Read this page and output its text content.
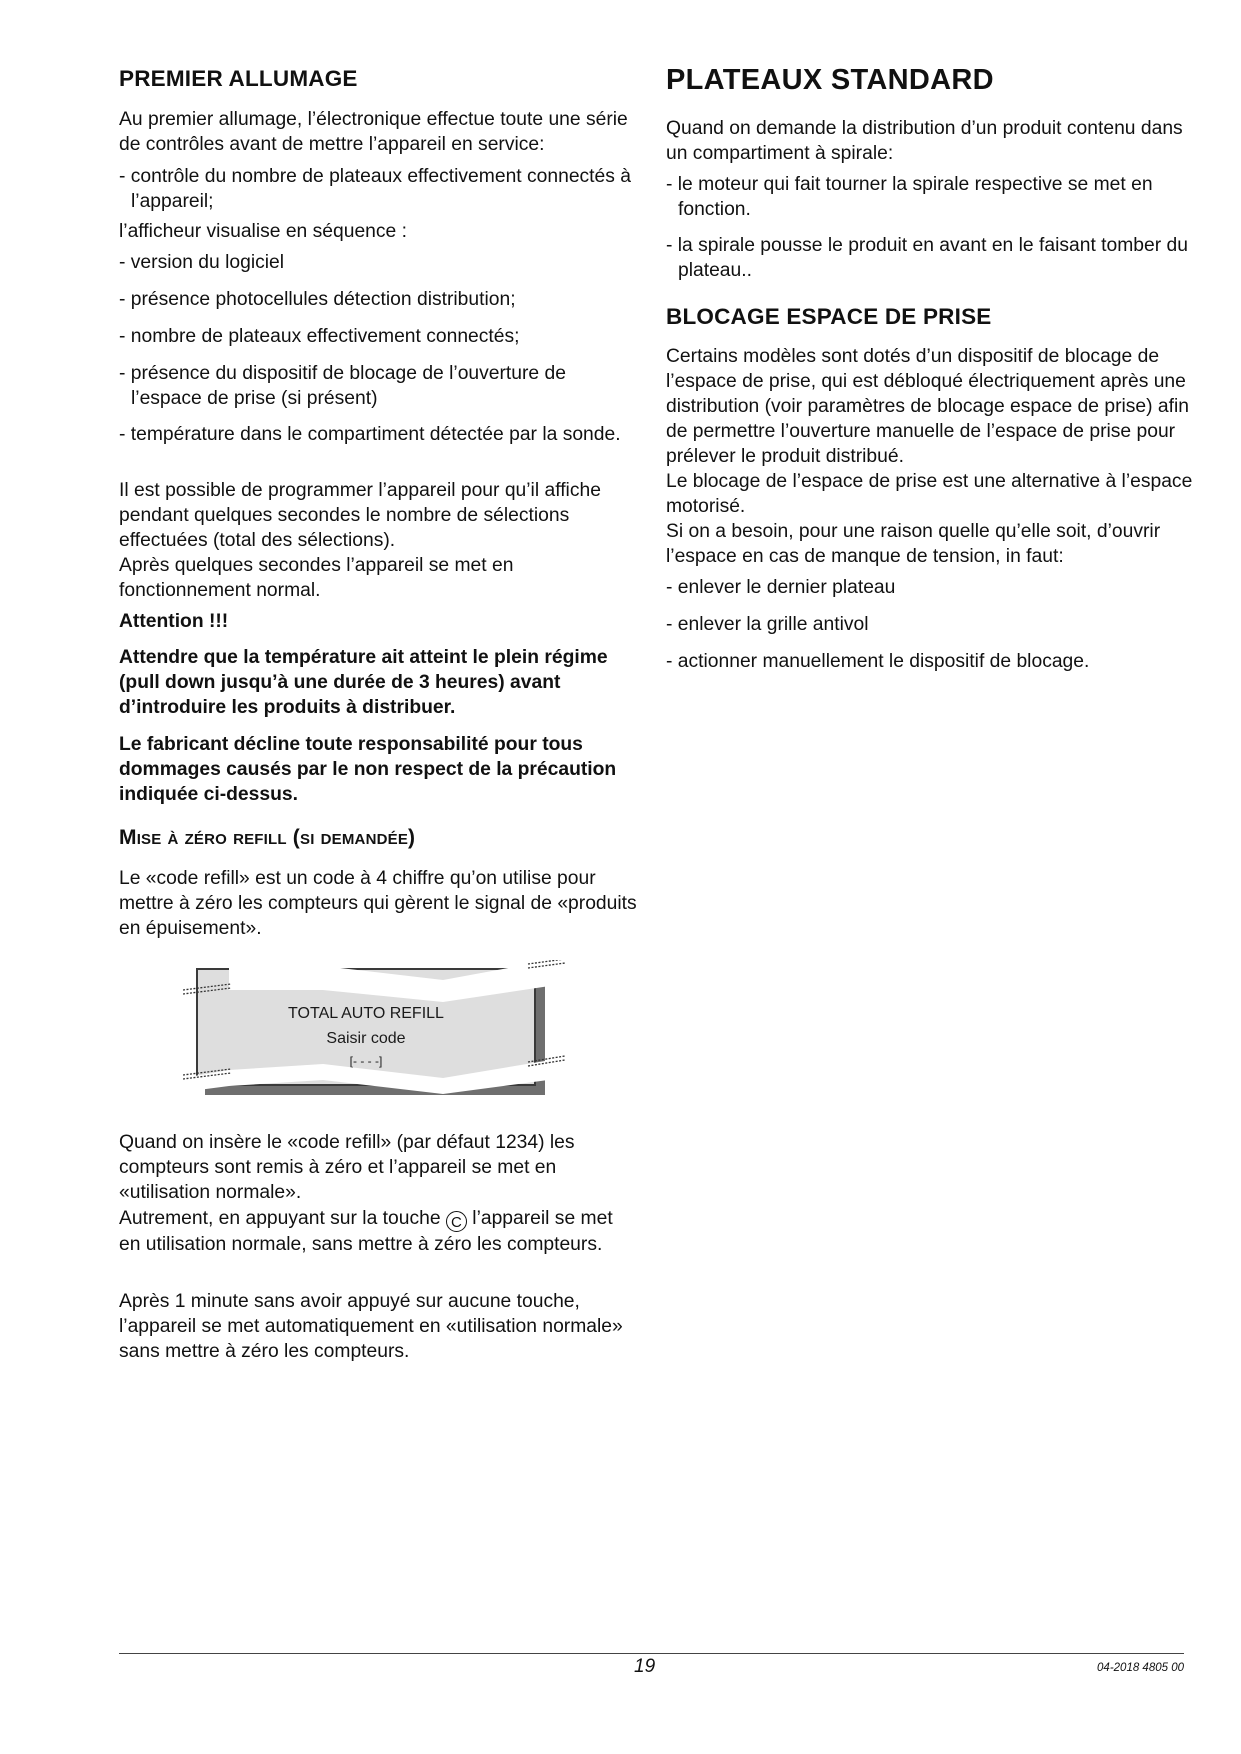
PREMIER ALLUMAGE
Au premier allumage, l’électronique effectue toute une série de contrôles avant de mettre l’appareil en service:
- contrôle du nombre de plateaux effectivement connectés à l’appareil;
l’afficheur visualise en séquence :
- version du logiciel
- présence photocellules détection distribution;
- nombre de plateaux effectivement connectés;
- présence du dispositif de blocage de l’ouverture de l’espace de prise (si présent)
- température dans le compartiment détectée par la sonde.
Il est possible de programmer l’appareil pour qu’il affiche pendant quelques secondes le nombre de sélections effectuées (total des sélections).
Après quelques secondes l’appareil se met en fonctionnement normal.
Attention !!!
Attendre que la température ait atteint le plein régime (pull down jusqu’à une durée de 3 heures) avant d’introduire les produits à distribuer.
Le fabricant décline toute responsabilité pour tous dommages causés par le non respect de la précaution indiquée ci-dessus.
Mise à zéro refill (si demandée)
Le «code refill» est un code à 4 chiffre qu’on utilise pour mettre à zéro les compteurs qui gèrent le signal de «produits en épuisement».
Quand on insère le «code refill» (par défaut 1234) les compteurs sont remis à zéro et l’appareil se met en «utilisation normale».
Autrement, en appuyant sur la touche C l’appareil se met en utilisation normale, sans mettre à zéro les compteurs.
Après 1 minute sans avoir appuyé sur aucune touche, l’appareil se met automatiquement en «utilisation normale» sans mettre à zéro les compteurs.
TOTAL AUTO REFILL
Saisir code
[- - - -]
PLATEAUX STANDARD
Quand on demande la distribution d’un produit contenu dans un compartiment à spirale:
- le moteur qui fait tourner la spirale respective se met en fonction.
- la spirale pousse le produit en avant en le faisant tomber du plateau..
BLOCAGE ESPACE DE PRISE
Certains modèles sont dotés d’un dispositif de blocage de l’espace de prise, qui est débloqué électriquement après une distribution (voir paramètres de blocage espace de prise) afin de permettre l’ouverture manuelle de l’espace de prise pour prélever le produit distribué.
Le blocage de l’espace de prise est une alternative à l’espace motorisé.
Si on a besoin, pour une raison quelle qu’elle soit, d’ouvrir l’espace en cas de manque de tension, in faut:
- enlever le dernier plateau
- enlever la grille antivol
- actionner manuellement le dispositif de blocage.
19	04-2018 4805 00
